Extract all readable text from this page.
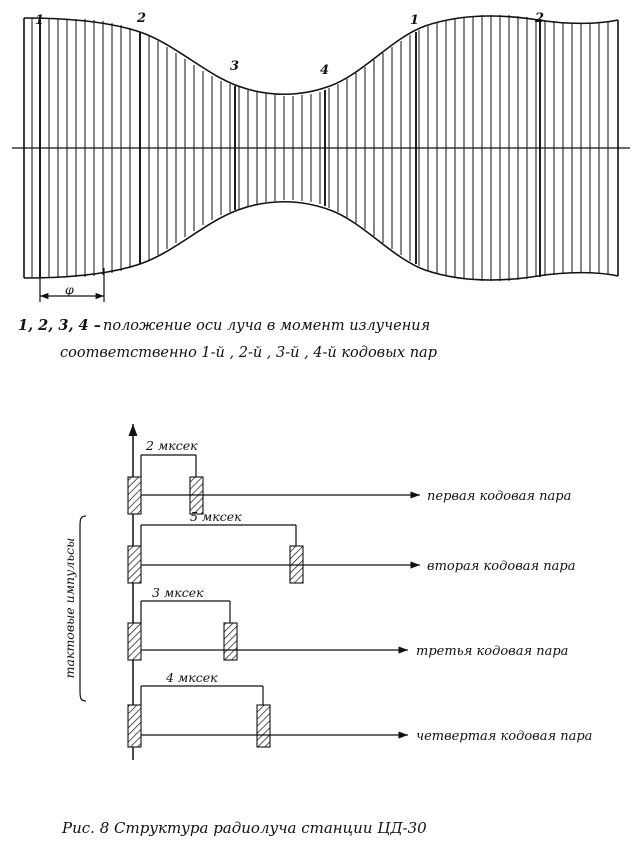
1	2
3	4
1	2
φ
1, 2, 3, 4 – положение оси луча в момент излучения
соответственно 1-й , 2-й , 3-й , 4-й кодовых пар
2 мксек
первая кодовая пара
5 мксек
вторая кодовая пара
3 мксек
третья кодовая пара
4 мксек
четвертая кодовая пара
тактовые импульсы
Рис. 8 Структура радиолуча станции ЦД-30
